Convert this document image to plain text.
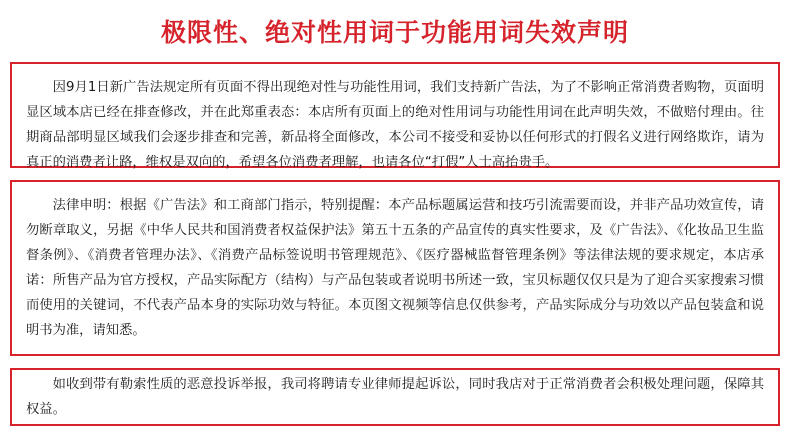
极限性、绝对性用词于功能用词失效声明

因9月1日新广告法规定所有页面不得出现绝对性与功能性用词，我们支持新广告法，为了不影响正常消费者购物，页面明显区域本店已经在排查修改，并在此郑重表态：本店所有页面上的绝对性用词与功能性用词在此声明失效，不做赔付理由。往期商品部明显区域我们会逐步排查和完善，新品将全面修改，本公司不接受和妥协以任何形式的打假名义进行网络欺诈，请为真正的消费者让路，维权是双向的，希望各位消费者理解，也请各位“打假”人士高抬贵手。

法律申明：根据《广告法》和工商部门指示，特别提醒：本产品标题属运营和技巧引流需要而设，并非产品功效宣传，请勿断章取义，另据《中华人民共和国消费者权益保护法》第五十五条的产品宣传的真实性要求，及《广告法》、《化妆品卫生监督条例》、《消费者管理办法》、《消费产品标签说明书管理规范》、《医疗器械监督管理条例》等法律法规的要求规定，本店承诺：所售产品为官方授权，产品实际配方（结构）与产品包装或者说明书所述一致，宝贝标题仅仅只是为了迎合买家搜索习惯而使用的关键词，不代表产品本身的实际功效与特征。本页图文视频等信息仅供参考，产品实际成分与功效以产品包装盒和说明书为准，请知悉。

如收到带有勒索性质的恶意投诉举报，我司将聘请专业律师提起诉讼，同时我店对于正常消费者会积极处理问题，保障其权益。
